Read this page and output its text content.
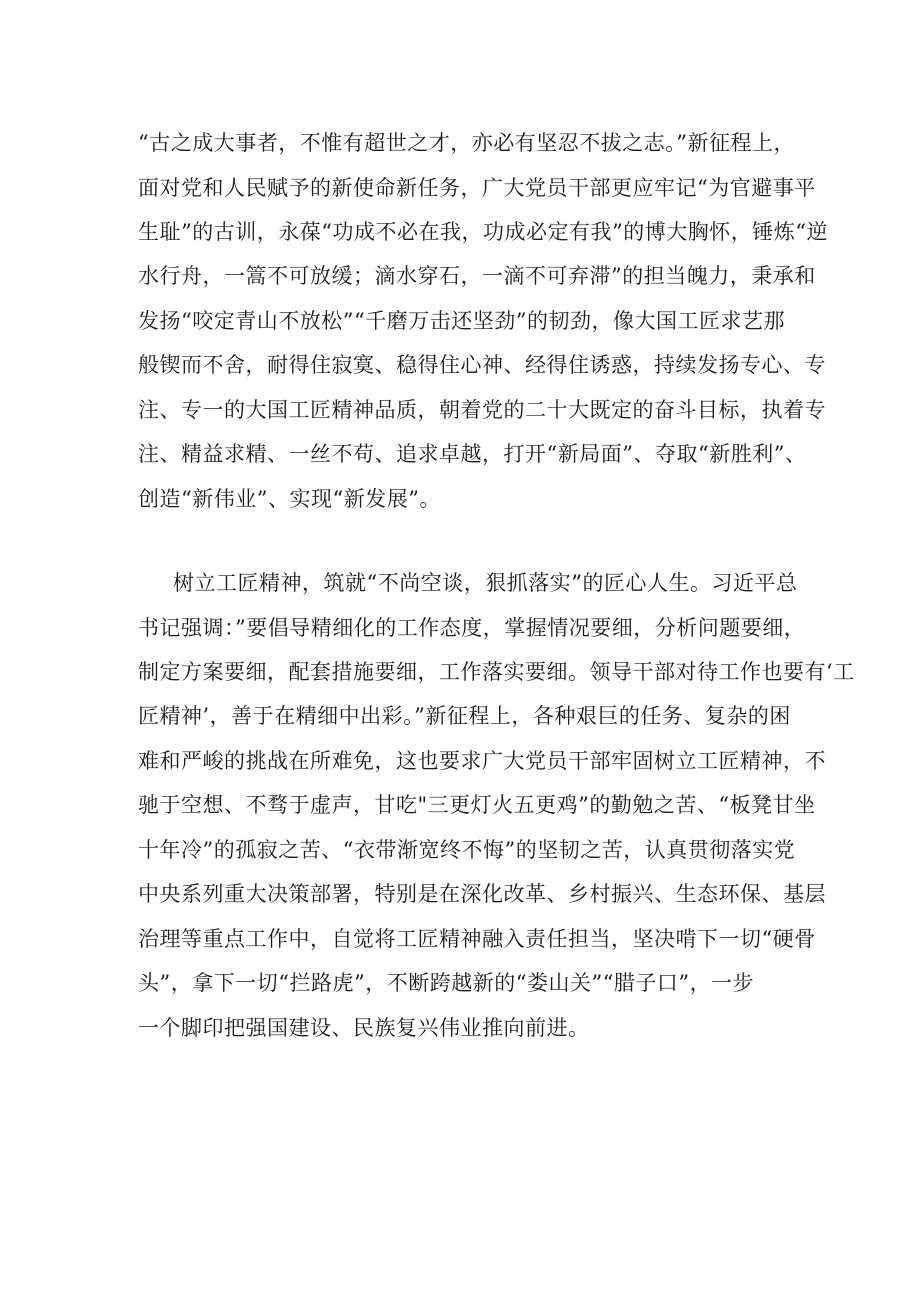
“古之成大事者，不惟有超世之才，亦必有坚忍不拔之志。”新征程上，
面对党和人民赋予的新使命新任务，广大党员干部更应牢记“为官避事平
生耻”的古训，永葆“功成不必在我，功成必定有我”的博大胸怀，锤炼“逆
水行舟，一篙不可放缓；滴水穿石，一滴不可弃滞”的担当魄力，秉承和
发扬“咬定青山不放松”“千磨万击还坚劲”的韧劲，像大国工匠求艺那
般锲而不舍，耐得住寂寞、稳得住心神、经得住诱惑，持续发扬专心、专
注、专一的大国工匠精神品质，朝着党的二十大既定的奋斗目标，执着专
注、精益求精、一丝不苟、追求卓越，打开“新局面”、夺取“新胜利”、
创造“新伟业”、实现“新发展”。
树立工匠精神，筑就“不尚空谈，狠抓落实”的匠心人生。习近平总
书记强调：”要倡导精细化的工作态度，掌握情况要细，分析问题要细，
制定方案要细，配套措施要细，工作落实要细。领导干部对待工作也要有‘工
匠精神’，善于在精细中出彩。”新征程上，各种艰巨的任务、复杂的困
难和严峻的挑战在所难免，这也要求广大党员干部牢固树立工匠精神，不
驰于空想、不骛于虚声，甘吃"三更灯火五更鸡”的勤勉之苦、“板凳甘坐
十年冷”的孤寂之苦、“衣带渐宽终不悔”的坚韧之苦，认真贯彻落实党
中央系列重大决策部署，特别是在深化改革、乡村振兴、生态环保、基层
治理等重点工作中，自觉将工匠精神融入责任担当，坚决啃下一切“硬骨
头”，拿下一切“拦路虎”，不断跨越新的“娄山关”“腊子口”，一步
一个脚印把强国建设、民族复兴伟业推向前进。
